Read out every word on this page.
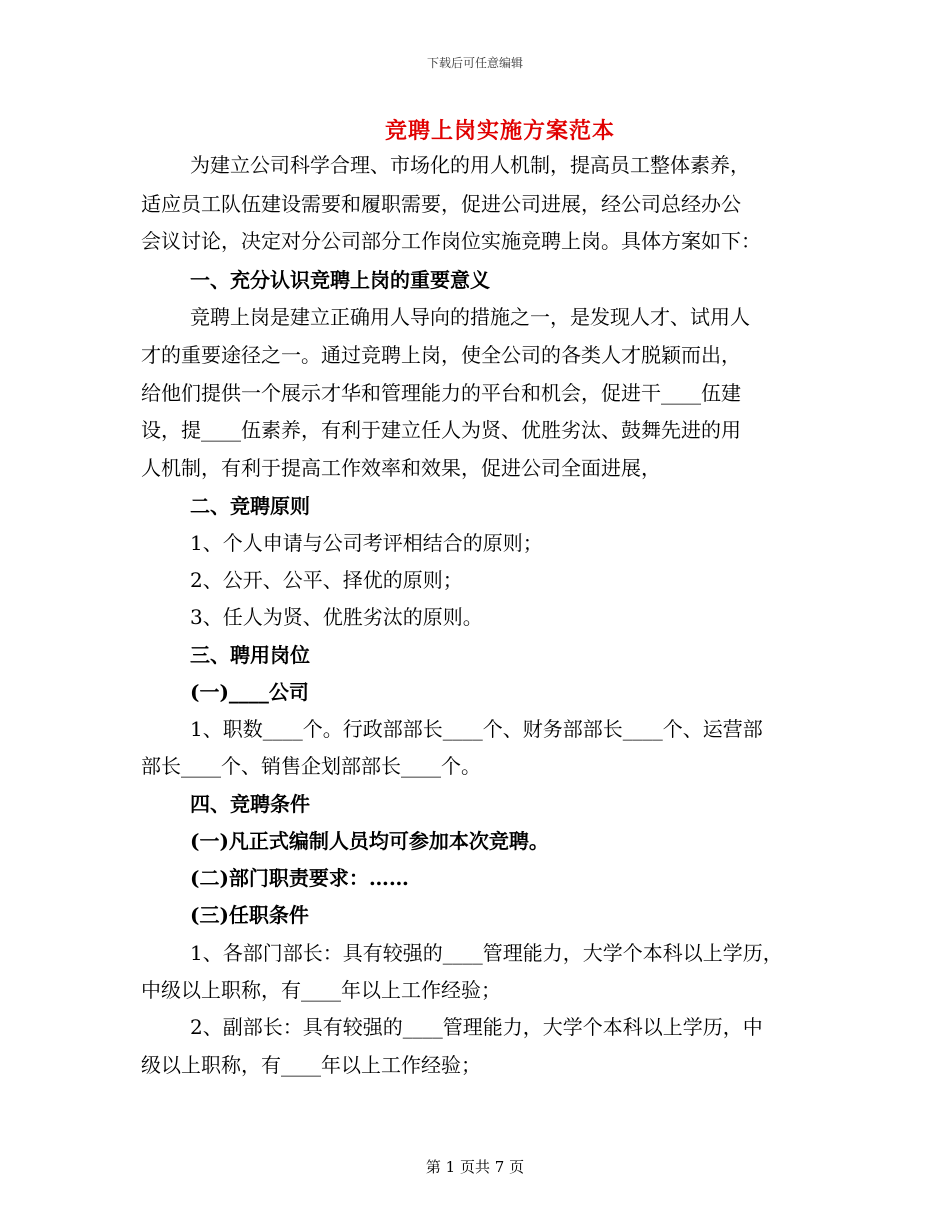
下载后可任意编辑
竞聘上岗实施方案范本
为建立公司科学合理、市场化的用人机制，提高员工整体素养，
适应员工队伍建设需要和履职需要，促进公司进展，经公司总经办公
会议讨论，决定对分公司部分工作岗位实施竞聘上岗。具体方案如下：
一、充分认识竞聘上岗的重要意义
竞聘上岗是建立正确用人导向的措施之一，是发现人才、试用人
才的重要途径之一。通过竞聘上岗，使全公司的各类人才脱颖而出，
给他们提供一个展示才华和管理能力的平台和机会，促进干____伍建
设，提____伍素养，有利于建立任人为贤、优胜劣汰、鼓舞先进的用
人机制，有利于提高工作效率和效果，促进公司全面进展，
二、竞聘原则
1、个人申请与公司考评相结合的原则；
2、公开、公平、择优的原则；
3、任人为贤、优胜劣汰的原则。
三、聘用岗位
(一)____公司
1、职数____个。行政部部长____个、财务部部长____个、运营部
部长____个、销售企划部部长____个。
四、竞聘条件
(一)凡正式编制人员均可参加本次竞聘。
(二)部门职责要求：……
(三)任职条件
1、各部门部长：具有较强的____管理能力，大学个本科以上学历，
中级以上职称，有____年以上工作经验；
2、副部长：具有较强的____管理能力，大学个本科以上学历，中
级以上职称，有____年以上工作经验；
第 1 页共 7 页
